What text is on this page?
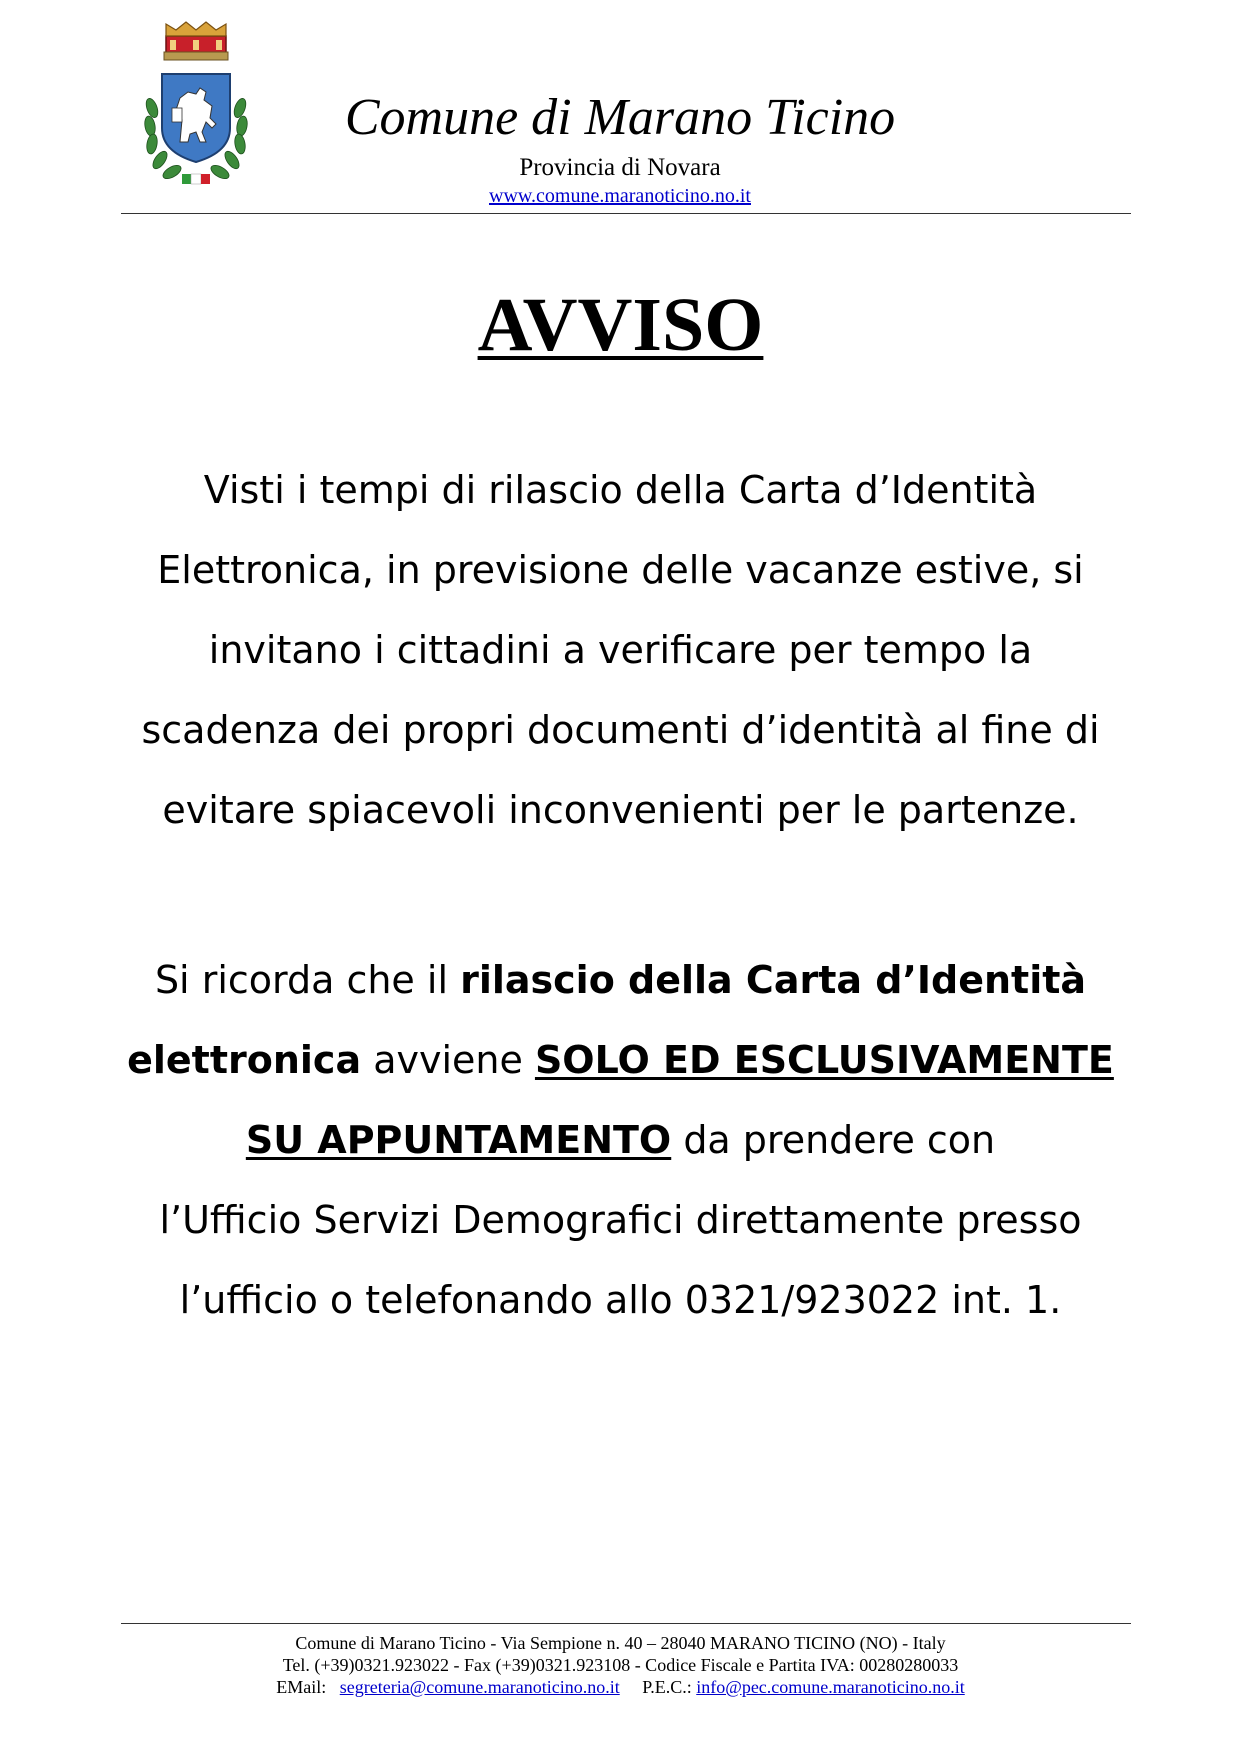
Comune di Marano Ticino
Provincia di Novara
www.comune.maranoticino.no.it
AVVISO
Visti i tempi di rilascio della Carta d’Identità
Elettronica, in previsione delle vacanze estive, si
invitano i cittadini a verificare per tempo la
scadenza dei propri documenti d’identità al fine di
evitare spiacevoli inconvenienti per le partenze.
Si ricorda che il rilascio della Carta d’Identità
elettronica avviene SOLO ED ESCLUSIVAMENTE
SU APPUNTAMENTO da prendere con
l’Ufficio Servizi Demografici direttamente presso
l’ufficio o telefonando allo 0321/923022 int. 1.
Comune di Marano Ticino - Via Sempione n. 40 – 28040 MARANO TICINO (NO) - Italy
Tel. (+39)0321.923022 - Fax (+39)0321.923108 - Codice Fiscale e Partita IVA: 00280280033
EMail: segreteria@comune.maranoticino.no.it P.E.C.: info@pec.comune.maranoticino.no.it
